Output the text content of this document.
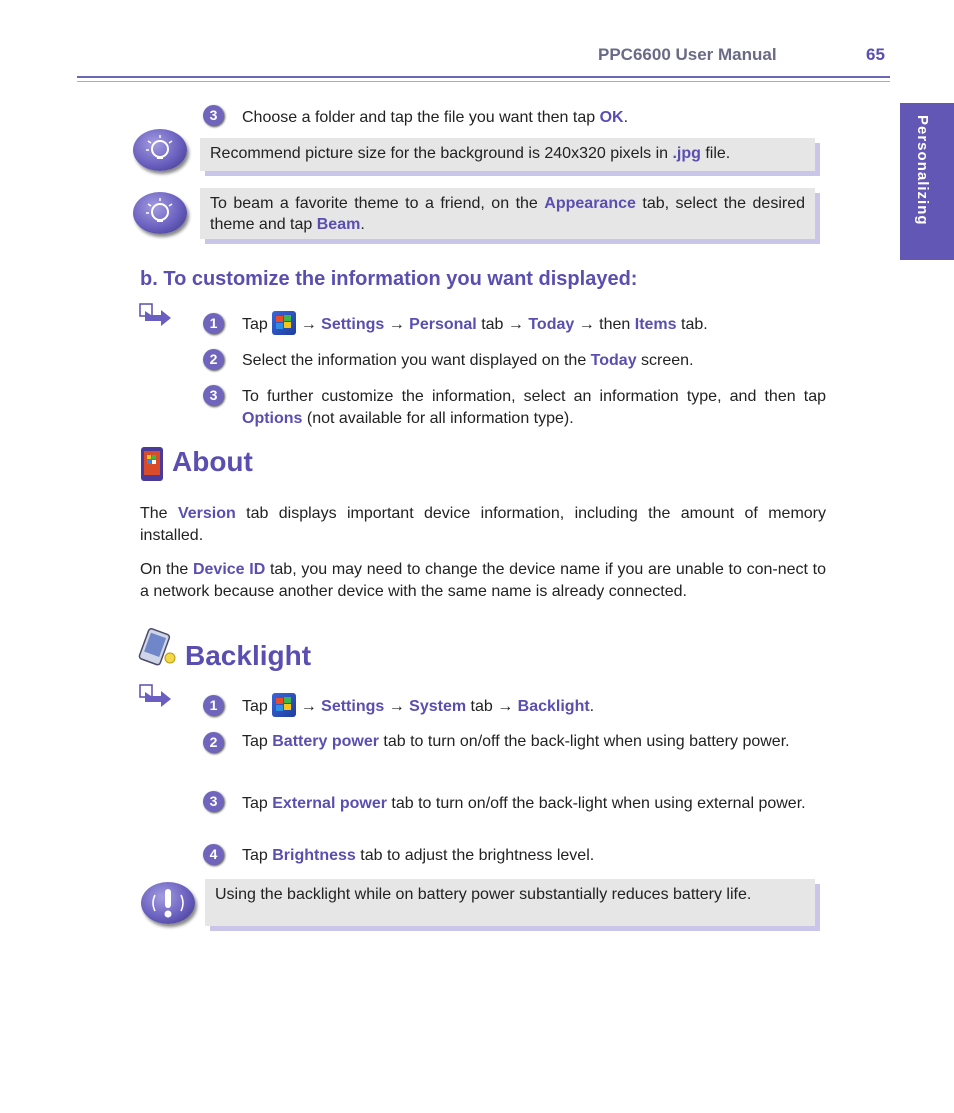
PPC6600 User Manual	65
Personalizing
3	Choose a folder and tap the file you want then tap OK.
Recommend picture size for the background is 240x320 pixels in .jpg file.
To beam a favorite theme to a friend, on the Appearance tab, select the desired theme and tap Beam.
b. To customize the information you want displayed:
1	Tap
→ Settings → Personal tab → Today → then Items tab.
2	Select the information you want displayed on the Today screen.
3	To further customize the information, select an information type, and then tap Options (not available for all information type).
About
The Version tab displays important device information, including the amount of memory installed.
On the Device ID tab, you may need to change the device name if you are unable to con-nect to a network because another device with the same name is already connected.
Backlight
1	Tap
→ Settings → System tab → Backlight.
2	Tap Battery power tab to turn on/off the back-light when using battery power.
3	Tap External power tab to turn on/off the back-light when using external power.
4	Tap Brightness tab to adjust the brightness level.
Using the backlight while on battery power substantially reduces battery life.
